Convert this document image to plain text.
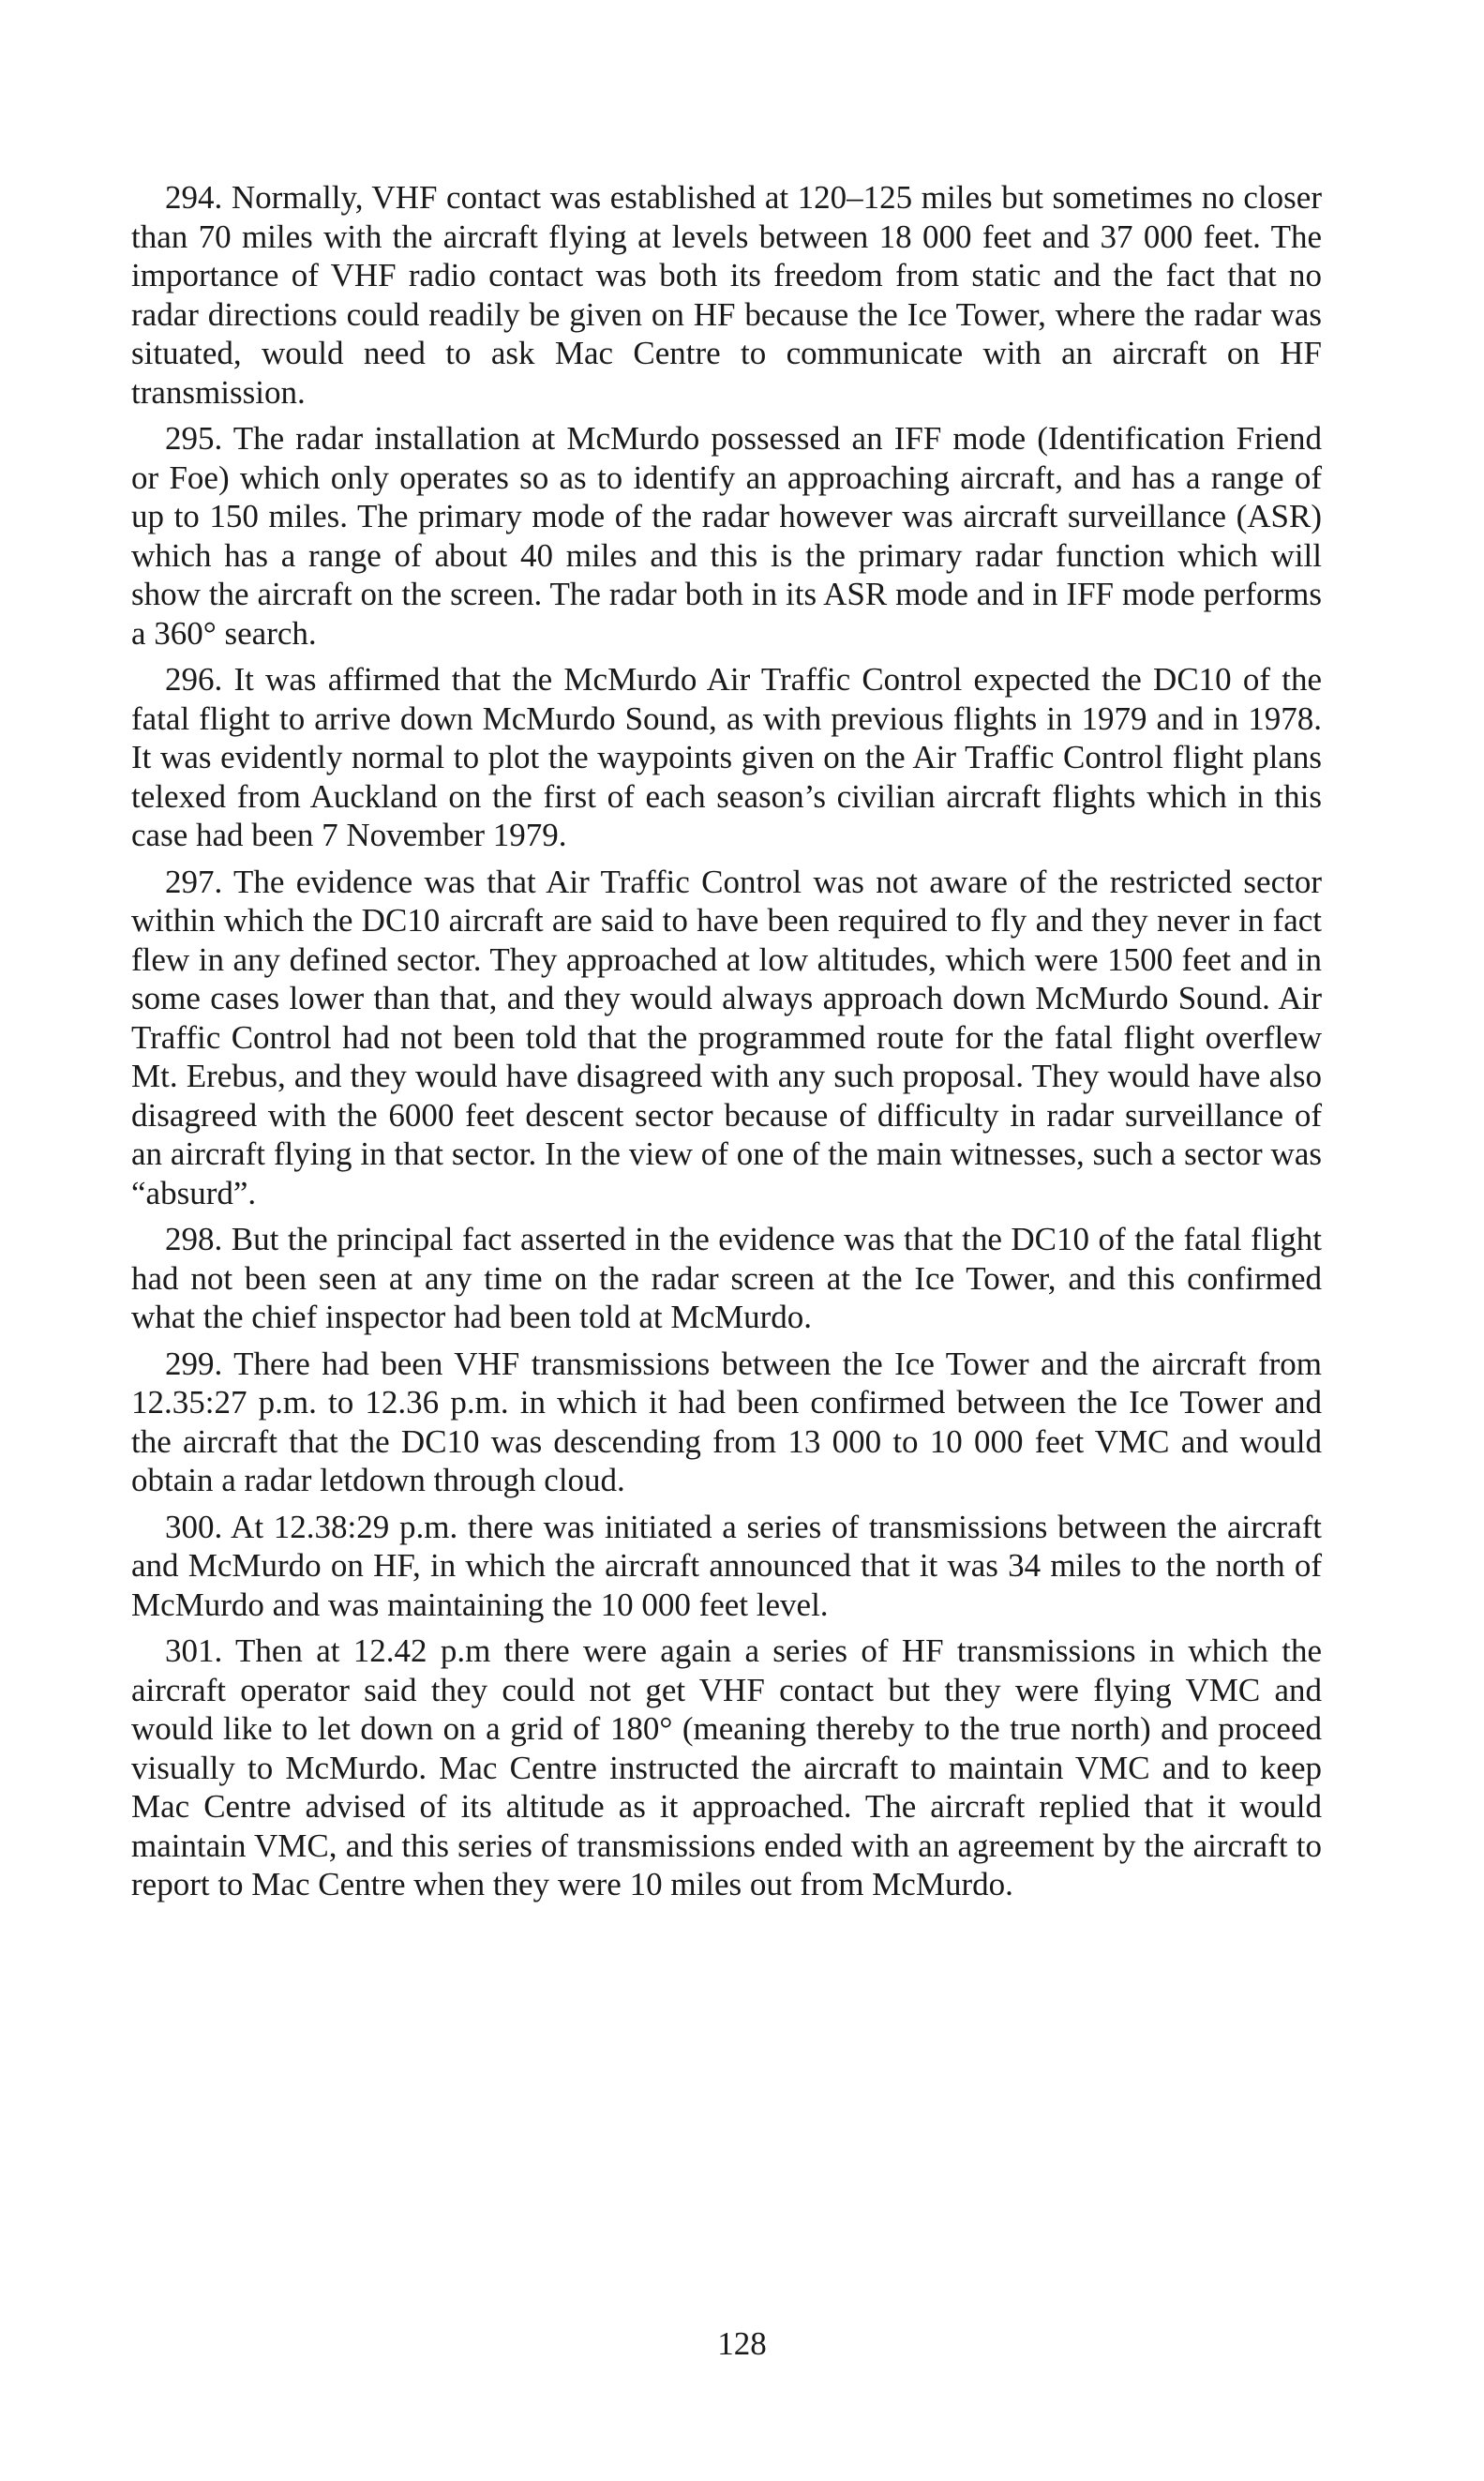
294. Normally, VHF contact was established at 120–125 miles but sometimes no closer than 70 miles with the aircraft flying at levels between 18 000 feet and 37 000 feet. The importance of VHF radio contact was both its freedom from static and the fact that no radar directions could readily be given on HF because the Ice Tower, where the radar was situated, would need to ask Mac Centre to communicate with an aircraft on HF transmission.

295. The radar installation at McMurdo possessed an IFF mode (Identification Friend or Foe) which only operates so as to identify an approaching aircraft, and has a range of up to 150 miles. The primary mode of the radar however was aircraft surveillance (ASR) which has a range of about 40 miles and this is the primary radar function which will show the aircraft on the screen. The radar both in its ASR mode and in IFF mode performs a 360° search.

296. It was affirmed that the McMurdo Air Traffic Control expected the DC10 of the fatal flight to arrive down McMurdo Sound, as with previous flights in 1979 and in 1978. It was evidently normal to plot the waypoints given on the Air Traffic Control flight plans telexed from Auckland on the first of each season’s civilian aircraft flights which in this case had been 7 November 1979.

297. The evidence was that Air Traffic Control was not aware of the restricted sector within which the DC10 aircraft are said to have been required to fly and they never in fact flew in any defined sector. They approached at low altitudes, which were 1500 feet and in some cases lower than that, and they would always approach down McMurdo Sound. Air Traffic Control had not been told that the programmed route for the fatal flight overflew Mt. Erebus, and they would have disagreed with any such proposal. They would have also disagreed with the 6000 feet descent sector because of difficulty in radar surveillance of an aircraft flying in that sector. In the view of one of the main witnesses, such a sector was “absurd”.

298. But the principal fact asserted in the evidence was that the DC10 of the fatal flight had not been seen at any time on the radar screen at the Ice Tower, and this confirmed what the chief inspector had been told at McMurdo.

299. There had been VHF transmissions between the Ice Tower and the aircraft from 12.35:27 p.m. to 12.36 p.m. in which it had been confirmed between the Ice Tower and the aircraft that the DC10 was descending from 13 000 to 10 000 feet VMC and would obtain a radar letdown through cloud.

300. At 12.38:29 p.m. there was initiated a series of transmissions between the aircraft and McMurdo on HF, in which the aircraft announced that it was 34 miles to the north of McMurdo and was maintaining the 10 000 feet level.

301. Then at 12.42 p.m there were again a series of HF transmissions in which the aircraft operator said they could not get VHF contact but they were flying VMC and would like to let down on a grid of 180° (meaning thereby to the true north) and proceed visually to McMurdo. Mac Centre instructed the aircraft to maintain VMC and to keep Mac Centre advised of its altitude as it approached. The aircraft replied that it would maintain VMC, and this series of transmissions ended with an agreement by the aircraft to report to Mac Centre when they were 10 miles out from McMurdo.

128
